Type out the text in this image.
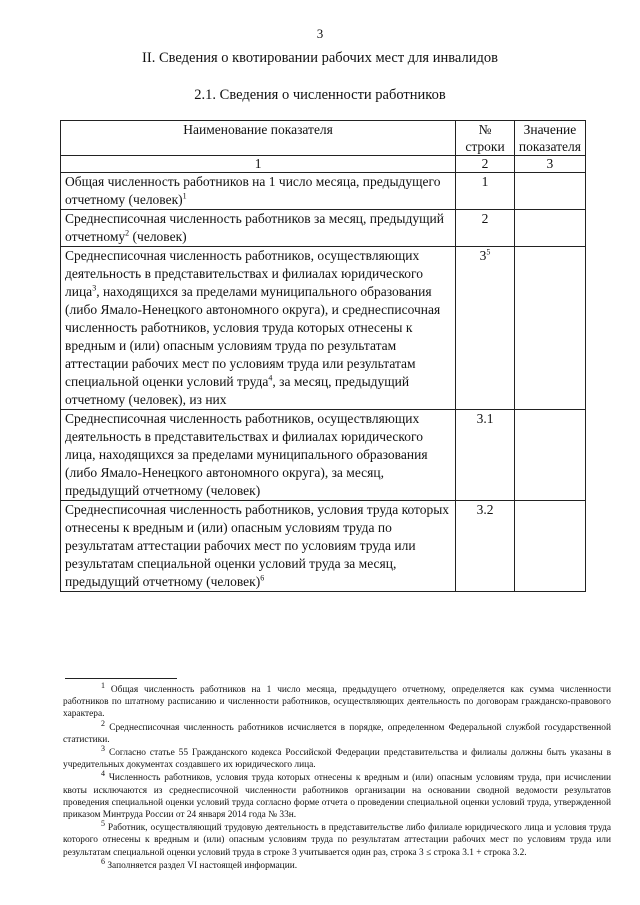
3
II. Сведения о квотировании рабочих мест для инвалидов
2.1. Сведения о численности работников
Наименование показателя	№ строки	Значение показателя
1	2	3
Общая численность работников на 1 число месяца, предыдущего отчетному (человек)$^1$	1	
Среднесписочная численность работников за месяц, предыдущий отчетному$^2$ (человек)	2	
Среднесписочная численность работников, осуществляющих деятельность в представительствах и филиалах юридического лица$^3$, находящихся за пределами муниципального образования (либо Ямало-Ненецкого автономного округа), и среднесписочная численность работников, условия труда которых отнесены к вредным и (или) опасным условиям труда по результатам аттестации рабочих мест по условиям труда или результатам специальной оценки условий труда$^4$, за месяц, предыдущий отчетному (человек), из них	$3^5$	
Среднесписочная численность работников, осуществляющих деятельность в представительствах и филиалах юридического лица, находящихся за пределами муниципального образования (либо Ямало-Ненецкого автономного округа), за месяц, предыдущий отчетному (человек)	3.1	
Среднесписочная численность работников, условия труда которых отнесены к вредным и (или) опасным условиям труда по результатам аттестации рабочих мест по условиям труда или результатам специальной оценки условий труда за месяц, предыдущий отчетному (человек)$^6$	3.2	

$^1$ Общая численность работников на 1 число месяца, предыдущего отчетному, определяется как сумма численности работников по штатному расписанию и численности работников, осуществляющих деятельность по договорам гражданско-правового характера.

$^2$ Среднесписочная численность работников исчисляется в порядке, определенном Федеральной службой государственной статистики.

$^3$ Согласно статье 55 Гражданского кодекса Российской Федерации представительства и филиалы должны быть указаны в учредительных документах создавшего их юридического лица.

$^4$ Численность работников, условия труда которых отнесены к вредным и (или) опасным условиям труда, при исчислении квоты исключаются из среднесписочной численности работников организации на основании сводной ведомости результатов проведения специальной оценки условий труда согласно форме отчета о проведении специальной оценки условий труда, утвержденной приказом Минтруда России от 24 января 2014 года № 33н.

$^5$ Работник, осуществляющий трудовую деятельность в представительстве либо филиале юридического лица и условия труда которого отнесены к вредным и (или) опасным условиям труда по результатам аттестации рабочих мест по условиям труда или результатам специальной оценки условий труда в строке 3 учитывается один раз, строка 3 ≤ строка 3.1 + строка 3.2.

$^6$ Заполняется раздел VI настоящей информации.
